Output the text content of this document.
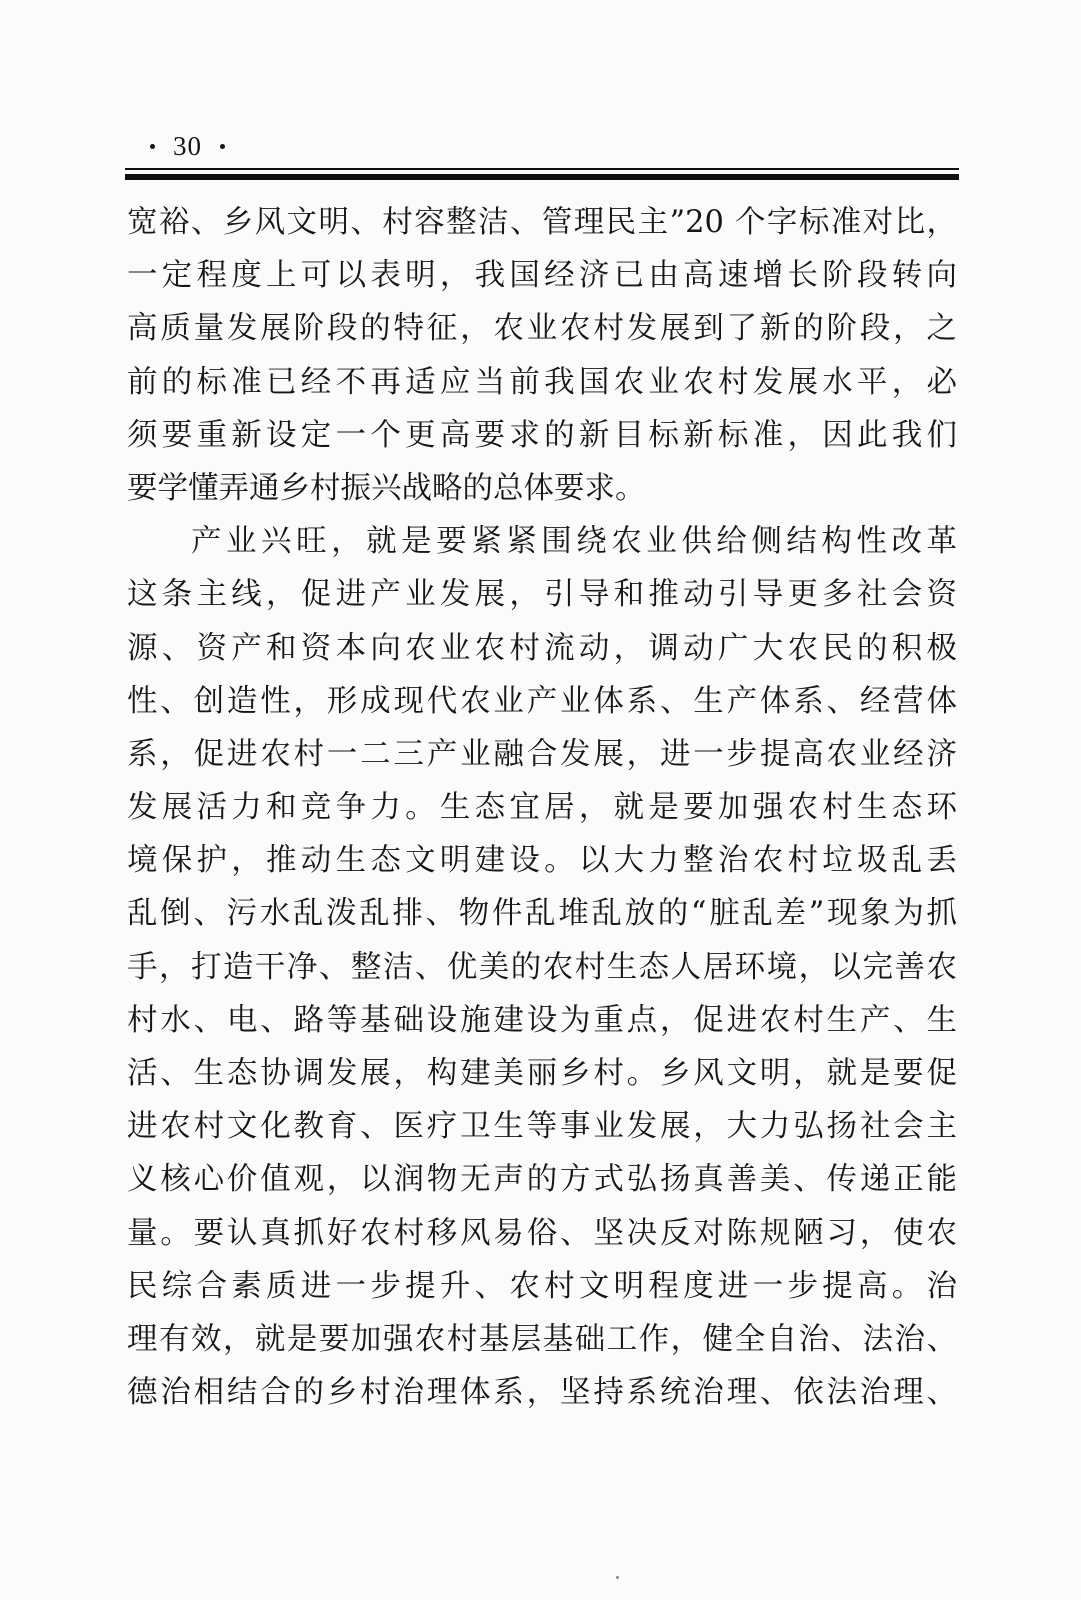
30
宽裕、乡风文明、村容整洁、管理民主”20 个字标准对比，
一定程度上可以表明，我国经济已由高速增长阶段转向
高质量发展阶段的特征，农业农村发展到了新的阶段，之
前的标准已经不再适应当前我国农业农村发展水平，必
须要重新设定一个更高要求的新目标新标准，因此我们
要学懂弄通乡村振兴战略的总体要求。
产业兴旺，就是要紧紧围绕农业供给侧结构性改革
这条主线，促进产业发展，引导和推动引导更多社会资
源、资产和资本向农业农村流动，调动广大农民的积极
性、创造性，形成现代农业产业体系、生产体系、经营体
系，促进农村一二三产业融合发展，进一步提高农业经济
发展活力和竞争力。生态宜居，就是要加强农村生态环
境保护，推动生态文明建设。以大力整治农村垃圾乱丢
乱倒、污水乱泼乱排、物件乱堆乱放的“脏乱差”现象为抓
手，打造干净、整洁、优美的农村生态人居环境，以完善农
村水、电、路等基础设施建设为重点，促进农村生产、生
活、生态协调发展，构建美丽乡村。乡风文明，就是要促
进农村文化教育、医疗卫生等事业发展，大力弘扬社会主
义核心价值观，以润物无声的方式弘扬真善美、传递正能
量。要认真抓好农村移风易俗、坚决反对陈规陋习，使农
民综合素质进一步提升、农村文明程度进一步提高。治
理有效，就是要加强农村基层基础工作，健全自治、法治、
德治相结合的乡村治理体系，坚持系统治理、依法治理、
